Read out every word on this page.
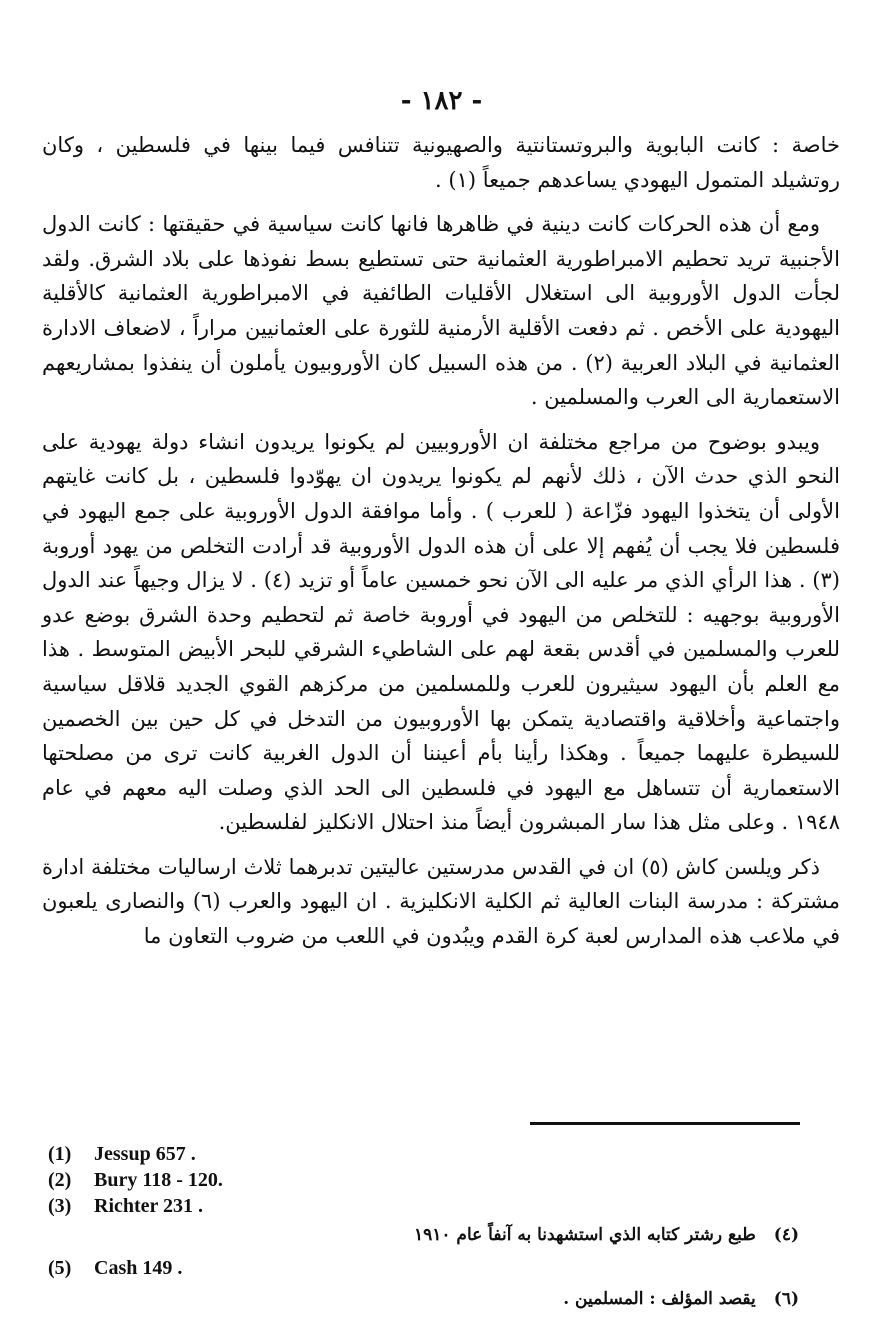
- ١٨٢ -

خاصة : كانت البابوية والبروتستانتية والصهيونية تتنافس فيما بينها في فلسطين ، وكان روتشيلد المتمول اليهودي يساعدهم جميعاً (١) .

ومع أن هذه الحركات كانت دينية في ظاهرها فانها كانت سياسية في حقيقتها : كانت الدول الأجنبية تريد تحطيم الامبراطورية العثمانية حتى تستطيع بسط نفوذها على بلاد الشرق. ولقد لجأت الدول الأوروبية الى استغلال الأقليات الطائفية في الامبراطورية العثمانية كالأقلية اليهودية على الأخص . ثم دفعت الأقلية الأرمنية للثورة على العثمانيين مراراً ، لاضعاف الادارة العثمانية في البلاد العربية (٢) . من هذه السبيل كان الأوروبيون يأملون أن ينفذوا بمشاريعهم الاستعمارية الى العرب والمسلمين .

ويبدو بوضوح من مراجع مختلفة ان الأوروبيين لم يكونوا يريدون انشاء دولة يهودية على النحو الذي حدث الآن ، ذلك لأنهم لم يكونوا يريدون ان يهوّدوا فلسطين ، بل كانت غايتهم الأولى أن يتخذوا اليهود فزّاعة ( للعرب ) . وأما موافقة الدول الأوروبية على جمع اليهود في فلسطين فلا يجب أن يُفهم إلا على أن هذه الدول الأوروبية قد أرادت التخلص من يهود أوروبة (٣) . هذا الرأي الذي مر عليه الى الآن نحو خمسين عاماً أو تزيد (٤) . لا يزال وجيهاً عند الدول الأوروبية بوجهيه : للتخلص من اليهود في أوروبة خاصة ثم لتحطيم وحدة الشرق بوضع عدو للعرب والمسلمين في أقدس بقعة لهم على الشاطيء الشرقي للبحر الأبيض المتوسط . هذا مع العلم بأن اليهود سيثيرون للعرب وللمسلمين من مركزهم القوي الجديد قلاقل سياسية واجتماعية وأخلاقية واقتصادية يتمكن بها الأوروبيون من التدخل في كل حين بين الخصمين للسيطرة عليهما جميعاً . وهكذا رأينا بأم أعيننا أن الدول الغربية كانت ترى من مصلحتها الاستعمارية أن تتساهل مع اليهود في فلسطين الى الحد الذي وصلت اليه معهم في عام ١٩٤٨ . وعلى مثل هذا سار المبشرون أيضاً منذ احتلال الانكليز لفلسطين.

ذكر ويلسن كاش (٥) ان في القدس مدرستين عاليتين تدبرهما ثلاث ارساليات مختلفة ادارة مشتركة : مدرسة البنات العالية ثم الكلية الانكليزية . ان اليهود والعرب (٦) والنصارى يلعبون في ملاعب هذه المدارس لعبة كرة القدم ويبُدون في اللعب من ضروب التعاون ما

(1) Jessup 657 .
(2) Bury 118 - 120.
(3) Richter 231 .
(٤)طبع رشتر كتابه الذي استشهدنا به آنفاً عام ١٩١٠
(5) Cash 149 .
(٦)يقصد المؤلف : المسلمين .
